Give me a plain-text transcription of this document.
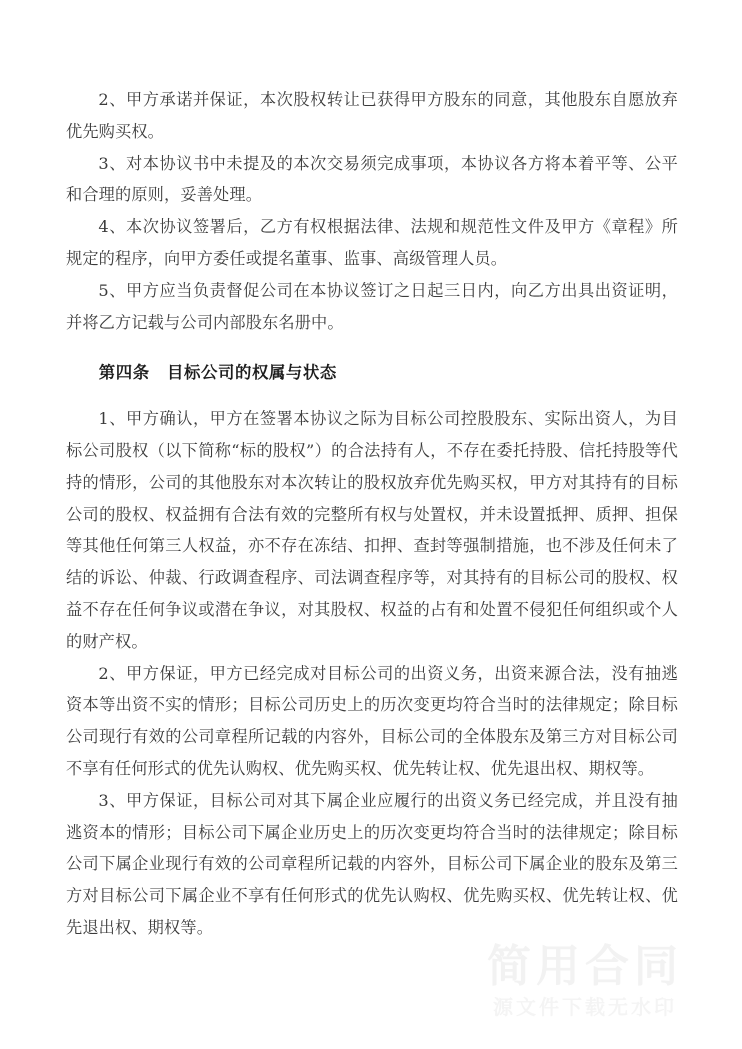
简用合同
源文件下载无水印

2、甲方承诺并保证，本次股权转让已获得甲方股东的同意，其他股东自愿放弃优先购买权。

3、对本协议书中未提及的本次交易须完成事项，本协议各方将本着平等、公平和合理的原则，妥善处理。

4、本次协议签署后，乙方有权根据法律、法规和规范性文件及甲方《章程》所规定的程序，向甲方委任或提名董事、监事、高级管理人员。

5、甲方应当负责督促公司在本协议签订之日起三日内，向乙方出具出资证明，并将乙方记载与公司内部股东名册中。

第四条 目标公司的权属与状态

1、甲方确认，甲方在签署本协议之际为目标公司控股股东、实际出资人，为目标公司股权（以下简称“标的股权”）的合法持有人，不存在委托持股、信托持股等代持的情形，公司的其他股东对本次转让的股权放弃优先购买权，甲方对其持有的目标公司的股权、权益拥有合法有效的完整所有权与处置权，并未设置抵押、质押、担保等其他任何第三人权益，亦不存在冻结、扣押、查封等强制措施，也不涉及任何未了结的诉讼、仲裁、行政调查程序、司法调查程序等，对其持有的目标公司的股权、权益不存在任何争议或潜在争议，对其股权、权益的占有和处置不侵犯任何组织或个人的财产权。

2、甲方保证，甲方已经完成对目标公司的出资义务，出资来源合法，没有抽逃资本等出资不实的情形；目标公司历史上的历次变更均符合当时的法律规定；除目标公司现行有效的公司章程所记载的内容外，目标公司的全体股东及第三方对目标公司不享有任何形式的优先认购权、优先购买权、优先转让权、优先退出权、期权等。

3、甲方保证，目标公司对其下属企业应履行的出资义务已经完成，并且没有抽逃资本的情形；目标公司下属企业历史上的历次变更均符合当时的法律规定；除目标公司下属企业现行有效的公司章程所记载的内容外，目标公司下属企业的股东及第三方对目标公司下属企业不享有任何形式的优先认购权、优先购买权、优先转让权、优先退出权、期权等。
